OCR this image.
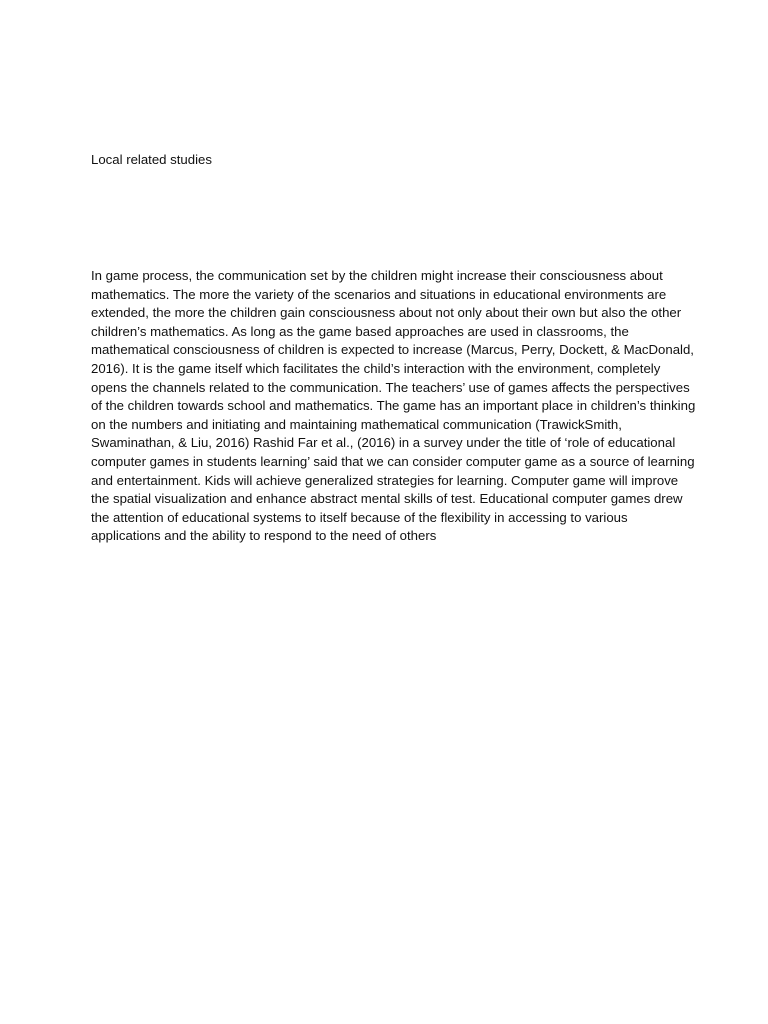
Local related studies

In game process, the communication set by the children might increase their consciousness about
mathematics. The more the variety of the scenarios and situations in educational environments are
extended, the more the children gain consciousness about not only about their own but also the other
children’s mathematics. As long as the game based approaches are used in classrooms, the
mathematical consciousness of children is expected to increase (Marcus, Perry, Dockett, & MacDonald,
2016). It is the game itself which facilitates the child’s interaction with the environment, completely
opens the channels related to the communication. The teachers’ use of games affects the perspectives
of the children towards school and mathematics. The game has an important place in children’s thinking
on the numbers and initiating and maintaining mathematical communication (TrawickSmith,
Swaminathan, & Liu, 2016) Rashid Far et al., (2016) in a survey under the title of ‘role of educational
computer games in students learning’ said that we can consider computer game as a source of learning
and entertainment. Kids will achieve generalized strategies for learning. Computer game will improve
the spatial visualization and enhance abstract mental skills of test. Educational computer games drew
the attention of educational systems to itself because of the flexibility in accessing to various
applications and the ability to respond to the need of others
